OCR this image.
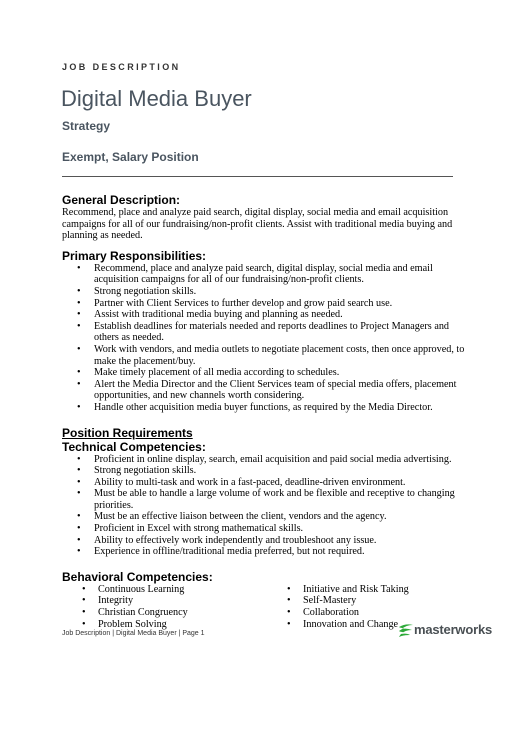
JOB DESCRIPTION
Digital Media Buyer
Strategy
Exempt, Salary Position
General Description:

Recommend, place and analyze paid search, digital display, social media and email acquisition campaigns for all of our fundraising/non-profit clients. Assist with traditional media buying and planning as needed.

Primary Responsibilities:
• Recommend, place and analyze paid search, digital display, social media and email acquisition campaigns for all of our fundraising/non-profit clients.
• Strong negotiation skills.
• Partner with Client Services to further develop and grow paid search use.
• Assist with traditional media buying and planning as needed.
• Establish deadlines for materials needed and reports deadlines to Project Managers and others as needed.
• Work with vendors, and media outlets to negotiate placement costs, then once approved, to make the placement/buy.
• Make timely placement of all media according to schedules.
• Alert the Media Director and the Client Services team of special media offers, placement opportunities, and new channels worth considering.
• Handle other acquisition media buyer functions, as required by the Media Director.
Position Requirements
Technical Competencies:
• Proficient in online display, search, email acquisition and paid social media advertising.
• Strong negotiation skills.
• Ability to multi-task and work in a fast-paced, deadline-driven environment.
• Must be able to handle a large volume of work and be flexible and receptive to changing priorities.
• Must be an effective liaison between the client, vendors and the agency.
• Proficient in Excel with strong mathematical skills.
• Ability to effectively work independently and troubleshoot any issue.
• Experience in offline/traditional media preferred, but not required.
Behavioral Competencies:
• Continuous Learning
• Integrity
• Christian Congruency
• Problem Solving
• Initiative and Risk Taking
• Self-Mastery
• Collaboration
• Innovation and Change
Job Description | Digital Media Buyer | Page 1	masterworks
